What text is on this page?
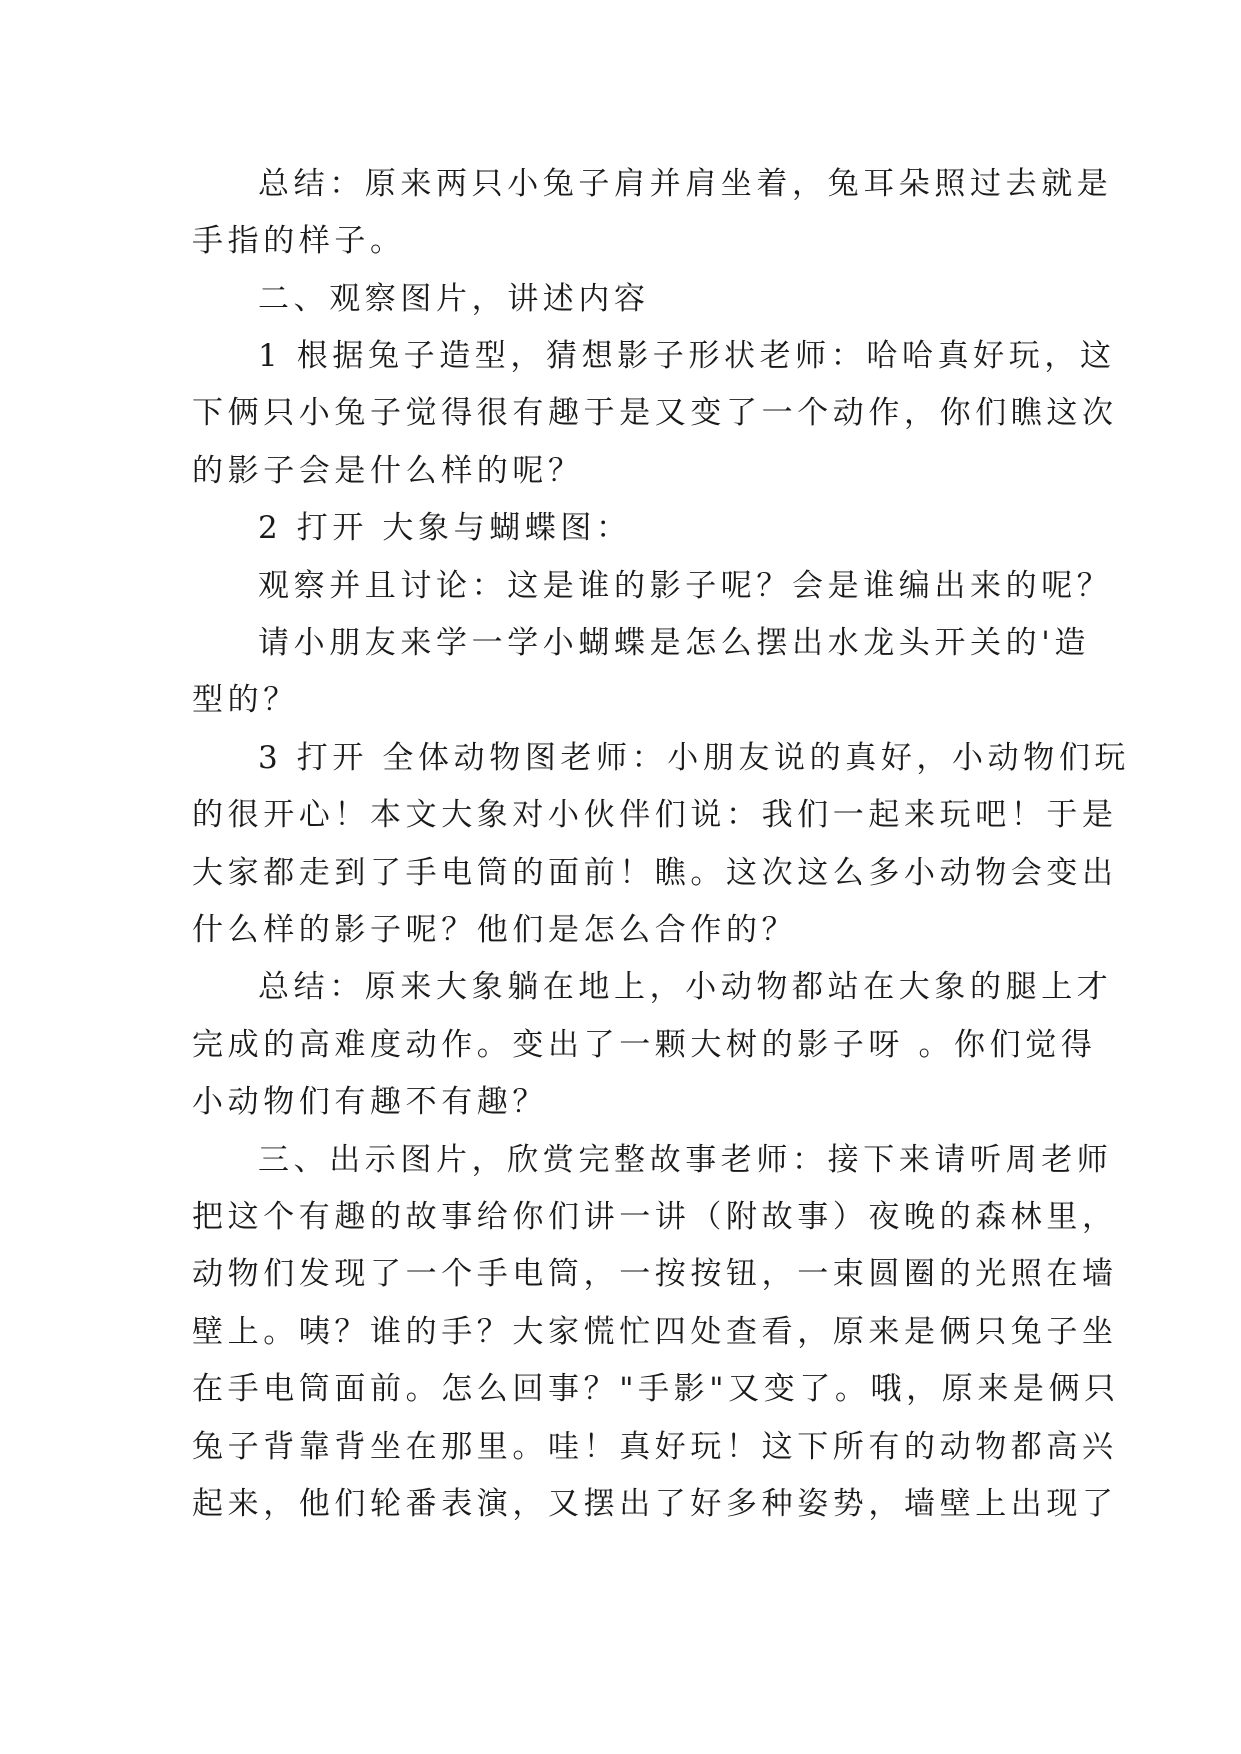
总结：原来两只小兔子肩并肩坐着，兔耳朵照过去就是
手指的样子。
二、观察图片，讲述内容
1 根据兔子造型，猜想影子形状老师：哈哈真好玩，这
下俩只小兔子觉得很有趣于是又变了一个动作，你们瞧这次
的影子会是什么样的呢？
2 打开 大象与蝴蝶图：
观察并且讨论：这是谁的影子呢？会是谁编出来的呢？
请小朋友来学一学小蝴蝶是怎么摆出水龙头开关的'造
型的？
3 打开 全体动物图老师：小朋友说的真好，小动物们玩
的很开心！本文大象对小伙伴们说：我们一起来玩吧！于是
大家都走到了手电筒的面前！瞧。这次这么多小动物会变出
什么样的影子呢？他们是怎么合作的？
总结：原来大象躺在地上，小动物都站在大象的腿上才
完成的高难度动作。变出了一颗大树的影子呀 。你们觉得
小动物们有趣不有趣？
三、出示图片，欣赏完整故事老师：接下来请听周老师
把这个有趣的故事给你们讲一讲（附故事）夜晚的森林里，
动物们发现了一个手电筒，一按按钮，一束圆圈的光照在墙
壁上。咦？谁的手？大家慌忙四处查看，原来是俩只兔子坐
在手电筒面前。怎么回事？"手影"又变了。哦，原来是俩只
兔子背靠背坐在那里。哇！真好玩！这下所有的动物都高兴
起来，他们轮番表演，又摆出了好多种姿势，墙壁上出现了
